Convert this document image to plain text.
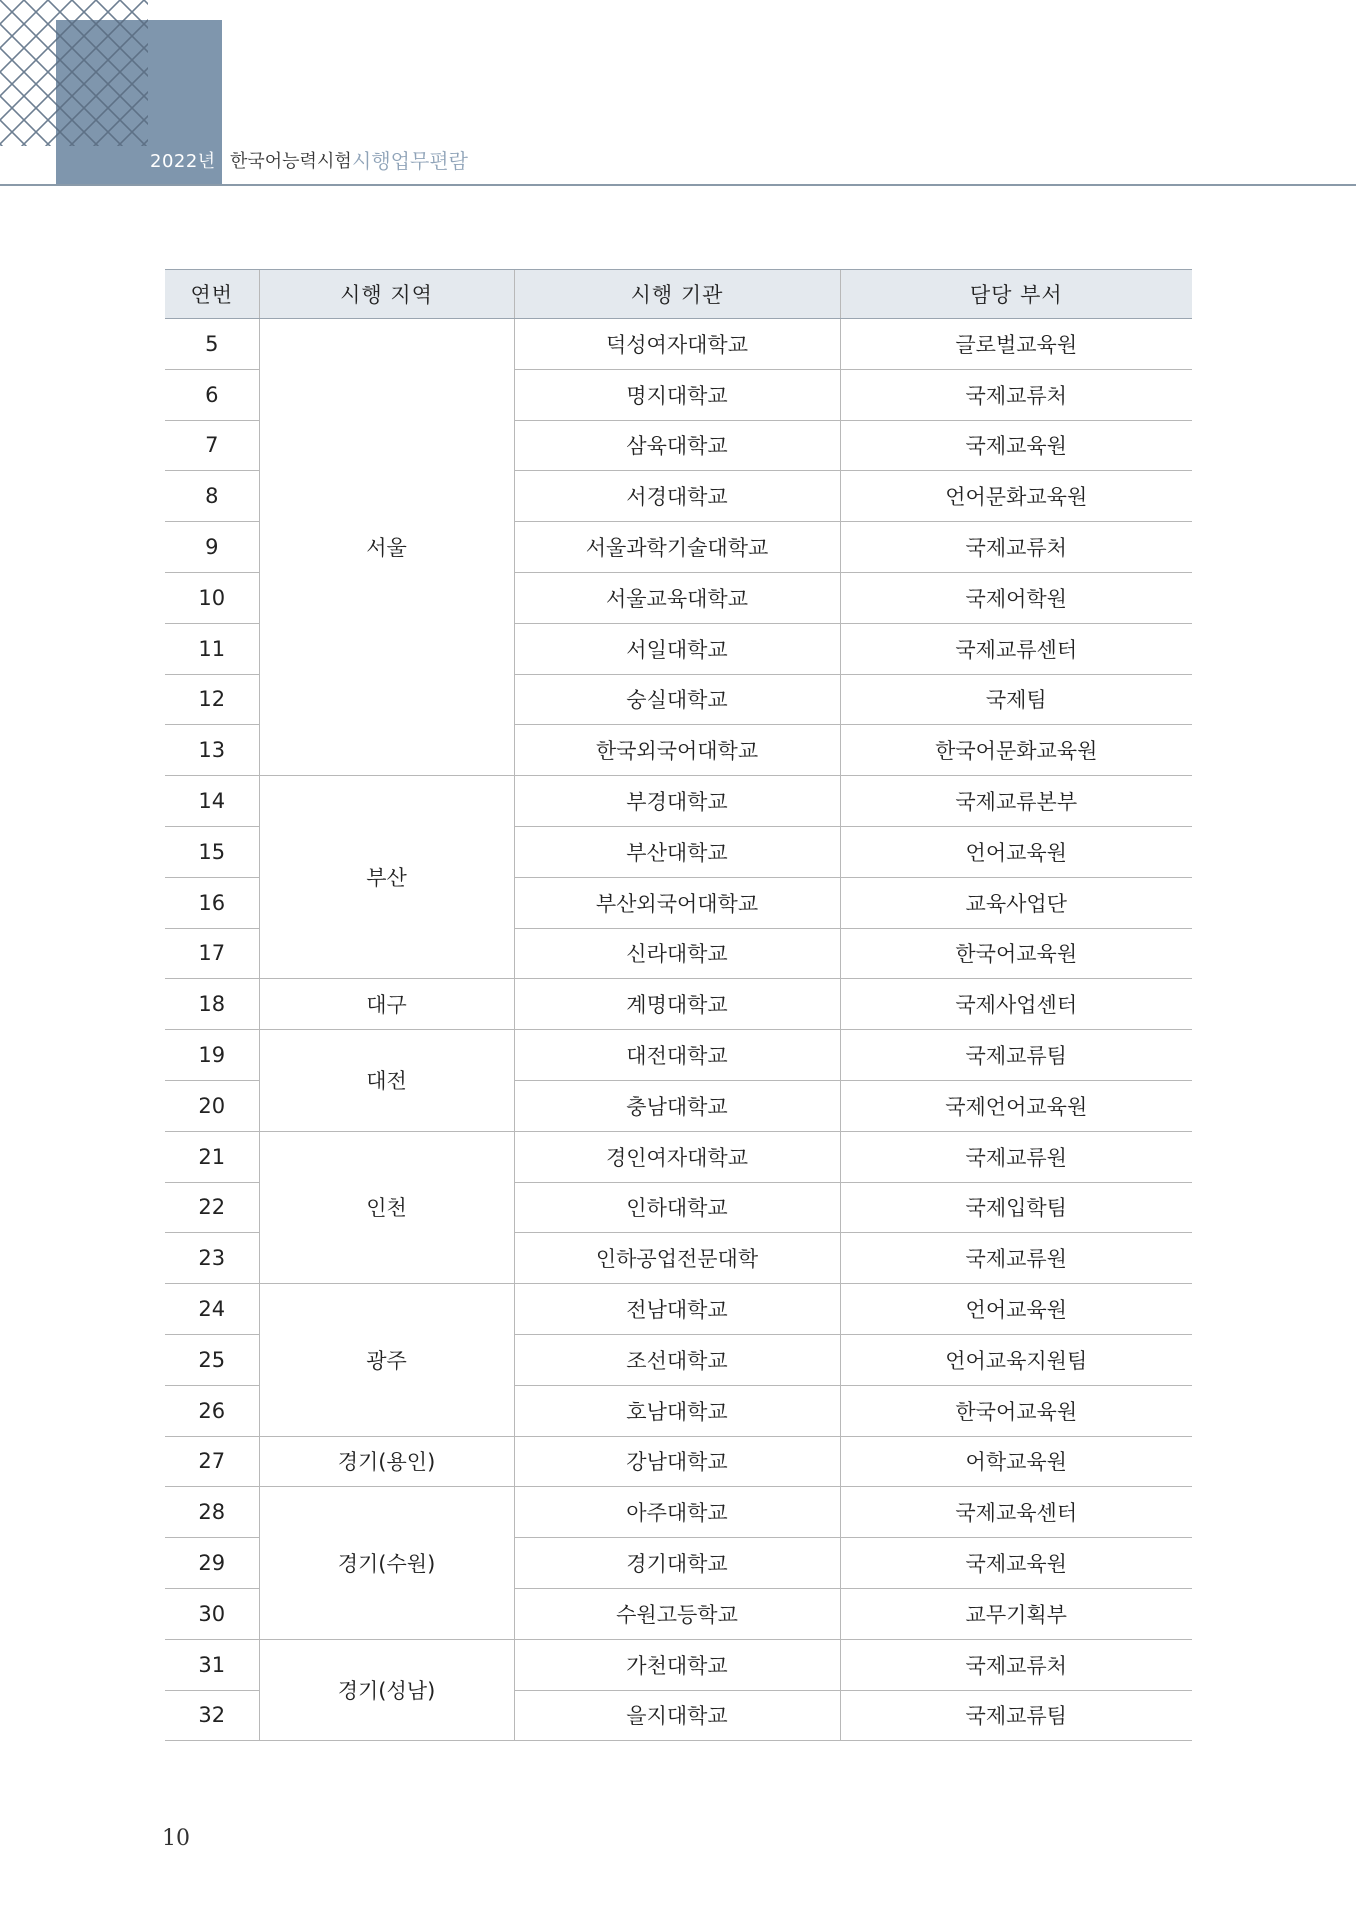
2022년 한국어능력시험 시행업무편람
연번	시행 지역	시행 기관	담당 부서
5	서울	덕성여자대학교	글로벌교육원
6		명지대학교	국제교류처
7		삼육대학교	국제교육원
8		서경대학교	언어문화교육원
9		서울과학기술대학교	국제교류처
10		서울교육대학교	국제어학원
11		서일대학교	국제교류센터
12		숭실대학교	국제팀
13		한국외국어대학교	한국어문화교육원
14	부산	부경대학교	국제교류본부
15		부산대학교	언어교육원
16		부산외국어대학교	교육사업단
17		신라대학교	한국어교육원
18	대구	계명대학교	국제사업센터
19	대전	대전대학교	국제교류팀
20		충남대학교	국제언어교육원
21	인천	경인여자대학교	국제교류원
22		인하대학교	국제입학팀
23		인하공업전문대학	국제교류원
24	광주	전남대학교	언어교육원
25		조선대학교	언어교육지원팀
26		호남대학교	한국어교육원
27	경기(용인)	강남대학교	어학교육원
28	경기(수원)	아주대학교	국제교육센터
29		경기대학교	국제교육원
30		수원고등학교	교무기획부
31	경기(성남)	가천대학교	국제교류처
32		을지대학교	국제교류팀
10
